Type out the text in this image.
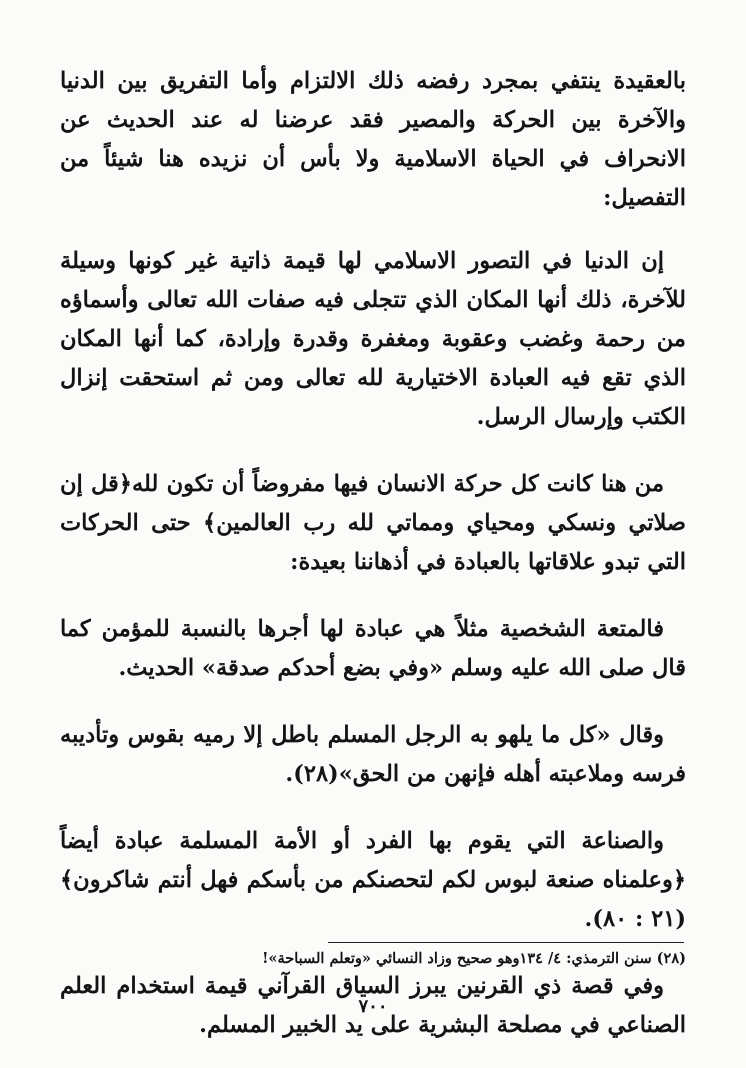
بالعقيدة ينتفي بمجرد رفضه ذلك الالتزام وأما التفريق بين الدنيا والآخرة بين الحركة والمصير فقد عرضنا له عند الحديث عن الانحراف في الحياة الاسلامية ولا بأس أن نزيده هنا شيئاً من التفصيل:

إن الدنيا في التصور الاسلامي لها قيمة ذاتية غير كونها وسيلة للآخرة، ذلك أنها المكان الذي تتجلى فيه صفات الله تعالى وأسماؤه من رحمة وغضب وعقوبة ومغفرة وقدرة وإرادة، كما أنها المكان الذي تقع فيه العبادة الاختيارية لله تعالى ومن ثم استحقت إنزال الكتب وإرسال الرسل.

من هنا كانت كل حركة الانسان فيها مفروضاً أن تكون لله﴿قل إن صلاتي ونسكي ومحياي ومماتي لله رب العالمين﴾ حتى الحركات التي تبدو علاقاتها بالعبادة في أذهاننا بعيدة:

فالمتعة الشخصية مثلاً هي عبادة لها أجرها بالنسبة للمؤمن كما قال صلى الله عليه وسلم «وفي بضع أحدكم صدقة» الحديث.

وقال «كل ما يلهو به الرجل المسلم باطل إلا رميه بقوس وتأديبه فرسه وملاعبته أهله فإنهن من الحق»(٢٨).

والصناعة التي يقوم بها الفرد أو الأمة المسلمة عبادة أيضاً ﴿وعلمناه صنعة لبوس لكم لتحصنكم من بأسكم فهل أنتم شاكرون﴾ (٢١ : ٨٠).

وفي قصة ذي القرنين يبرز السياق القرآني قيمة استخدام العلم الصناعي في مصلحة البشرية على يد الخبير المسلم.

(٢٨) سنن الترمذي: ٤/ ١٣٤وهو صحيح وزاد النسائي «وتعلم السباحة»!
٧٠٠
